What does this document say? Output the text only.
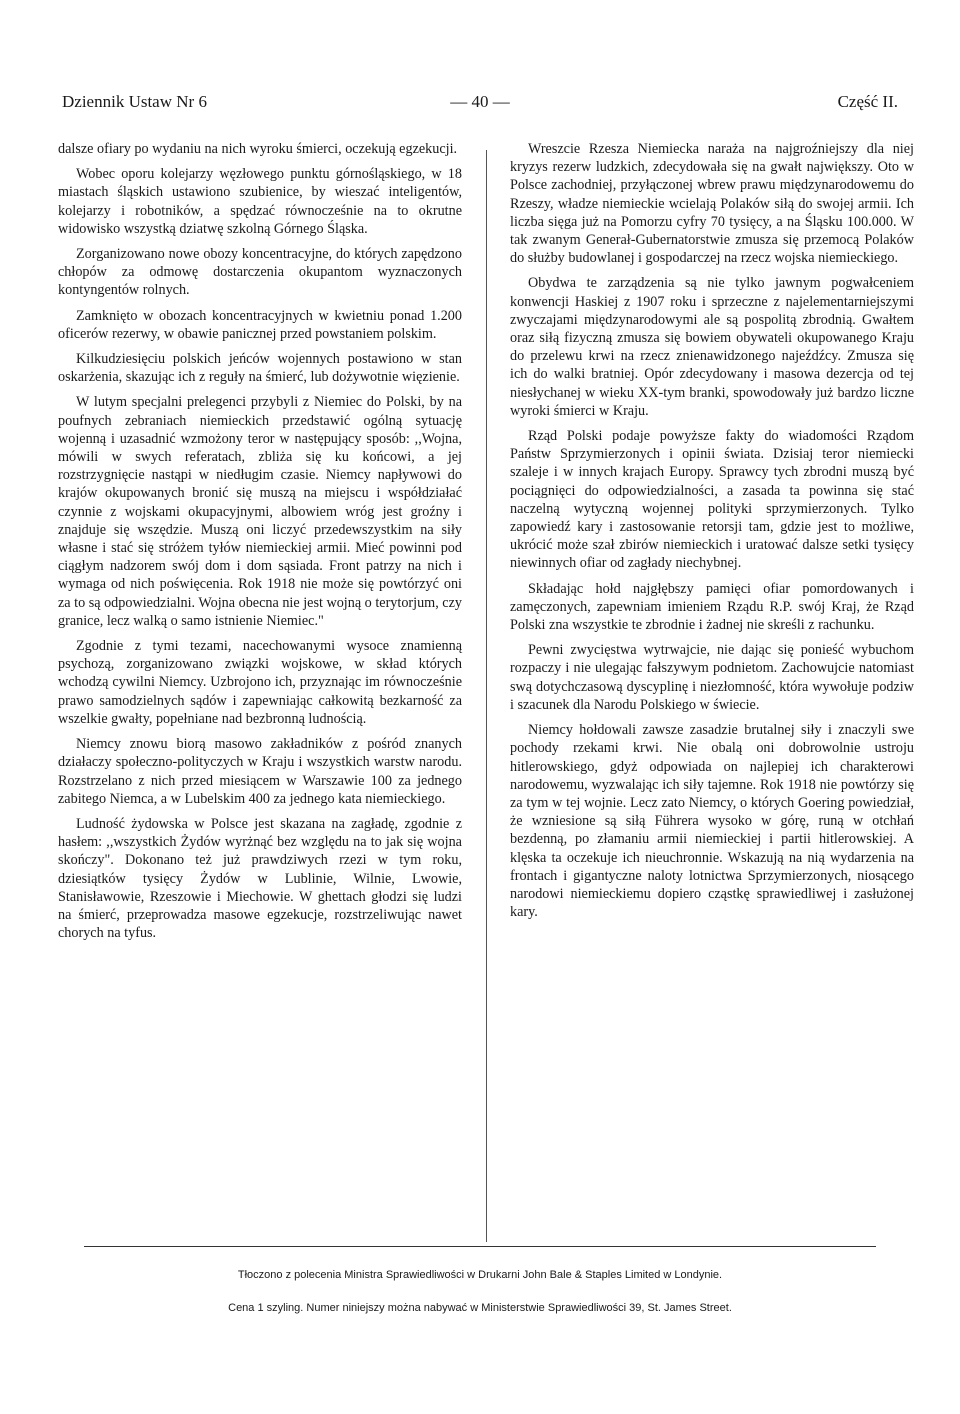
Dziennik Ustaw Nr 6	— 40 —	Część II.

dalsze ofiary po wydaniu na nich wyroku śmierci, oczekują egzekucji.

Wobec oporu kolejarzy węzłowego punktu górnośląskiego, w 18 miastach śląskich ustawiono szubienice, by wieszać inteligentów, kolejarzy i robotników, a spędzać równocześnie na to okrutne widowisko wszystką dziatwę szkolną Górnego Śląska.

Zorganizowano nowe obozy koncentracyjne, do których zapędzono chłopów za odmowę dostarczenia okupantom wyznaczonych kontyngentów rolnych.

Zamknięto w obozach koncentracyjnych w kwietniu ponad 1.200 oficerów rezerwy, w obawie panicznej przed powstaniem polskim.

Kilkudziesięciu polskich jeńców wojennych postawiono w stan oskarżenia, skazując ich z reguły na śmierć, lub dożywotnie więzienie.

W lutym specjalni prelegenci przybyli z Niemiec do Polski, by na poufnych zebraniach niemieckich przedstawić ogólną sytuację wojenną i uzasadnić wzmożony teror w następujący sposób: ,,Wojna, mówili w swych referatach, zbliża się ku końcowi, a jej rozstrzygnięcie nastąpi w niedługim czasie. Niemcy napływowi do krajów okupowanych bronić się muszą na miejscu i współdziałać czynnie z wojskami okupacyjnymi, albowiem wróg jest groźny i znajduje się wszędzie. Muszą oni liczyć przedewszystkim na siły własne i stać się stróżem tyłów niemieckiej armii. Mieć powinni pod ciągłym nadzorem swój dom i dom sąsiada. Front patrzy na nich i wymaga od nich poświęcenia. Rok 1918 nie może się powtórzyć oni za to są odpowiedzialni. Wojna obecna nie jest wojną o terytorjum, czy granice, lecz walką o samo istnienie Niemiec."

Zgodnie z tymi tezami, nacechowanymi wysoce znamienną psychozą, zorganizowano związki wojskowe, w skład których wchodzą cywilni Niemcy. Uzbrojono ich, przyznając im równocześnie prawo samodzielnych sądów i zapewniając całkowitą bezkarność za wszelkie gwałty, popełniane nad bezbronną ludnością.

Niemcy znowu biorą masowo zakładników z pośród znanych działaczy społeczno-polityczych w Kraju i wszystkich warstw narodu. Rozstrzelano z nich przed miesiącem w Warszawie 100 za jednego zabitego Niemca, a w Lubelskim 400 za jednego kata niemieckiego.

Ludność żydowska w Polsce jest skazana na zagładę, zgodnie z hasłem: ,,wszystkich Żydów wyrżnąć bez względu na to jak się wojna skończy". Dokonano też już prawdziwych rzezi w tym roku, dziesiątków tysięcy Żydów w Lublinie, Wilnie, Lwowie, Stanisławowie, Rzeszowie i Miechowie. W ghettach głodzi się ludzi na śmierć, przeprowadza masowe egzekucje, rozstrzeliwując nawet chorych na tyfus.

Wreszcie Rzesza Niemiecka naraża na najgroźniejszy dla niej kryzys rezerw ludzkich, zdecydowała się na gwałt największy. Oto w Polsce zachodniej, przyłączonej wbrew prawu międzynarodowemu do Rzeszy, władze niemieckie wcielają Polaków siłą do swojej armii. Ich liczba sięga już na Pomorzu cyfry 70 tysięcy, a na Śląsku 100.000. W tak zwanym Generał-Gubernatorstwie zmusza się przemocą Polaków do służby budowlanej i gospodarczej na rzecz wojska niemieckiego.

Obydwa te zarządzenia są nie tylko jawnym pogwałceniem konwencji Haskiej z 1907 roku i sprzeczne z najelementarniejszymi zwyczajami międzynarodowymi ale są pospolitą zbrodnią. Gwałtem oraz siłą fizyczną zmusza się bowiem obywateli okupowanego Kraju do przelewu krwi na rzecz znienawidzonego najeźdźcy. Zmusza się ich do walki bratniej. Opór zdecydowany i masowa dezercja od tej niesłychanej w wieku XX-tym branki, spowodowały już bardzo liczne wyroki śmierci w Kraju.

Rząd Polski podaje powyższe fakty do wiadomości Rządom Państw Sprzymierzonych i opinii świata. Dzisiaj teror niemiecki szaleje i w innych krajach Europy. Sprawcy tych zbrodni muszą być pociągnięci do odpowiedzialności, a zasada ta powinna się stać naczelną wytyczną wojennej polityki sprzymierzonych. Tylko zapowiedź kary i zastosowanie retorsji tam, gdzie jest to możliwe, ukrócić może szał zbirów niemieckich i uratować dalsze setki tysięcy niewinnych ofiar od zagłady niechybnej.

Składając hołd najgłębszy pamięci ofiar pomordowanych i zamęczonych, zapewniam imieniem Rządu R.P. swój Kraj, że Rząd Polski zna wszystkie te zbrodnie i żadnej nie skreśli z rachunku.

Pewni zwycięstwa wytrwajcie, nie dając się ponieść wybuchom rozpaczy i nie ulegając fałszywym podnietom. Zachowujcie natomiast swą dotychczasową dyscyplinę i niezłomność, która wywołuje podziw i szacunek dla Narodu Polskiego w świecie.

Niemcy hołdowali zawsze zasadzie brutalnej siły i znaczyli swe pochody rzekami krwi. Nie obalą oni dobrowolnie ustroju hitlerowskiego, gdyż odpowiada on najlepiej ich charakterowi narodowemu, wyzwalając ich siły tajemne. Rok 1918 nie powtórzy się za tym w tej wojnie. Lecz zato Niemcy, o których Goering powiedział, że wzniesione są siłą Führera wysoko w górę, runą w otchłań bezdenną, po złamaniu armii niemieckiej i partii hitlerowskiej. A klęska ta oczekuje ich nieuchronnie. Wskazują na nią wydarzenia na frontach i gigantyczne naloty lotnictwa Sprzymierzonych, niosącego narodowi niemieckiemu dopiero cząstkę sprawiedliwej i zasłużonej kary.

Tłoczono z polecenia Ministra Sprawiedliwości w Drukarni John Bale & Staples Limited w Londynie.
Cena 1 szyling. Numer niniejszy można nabywać w Ministerstwie Sprawiedliwości 39, St. James Street.
